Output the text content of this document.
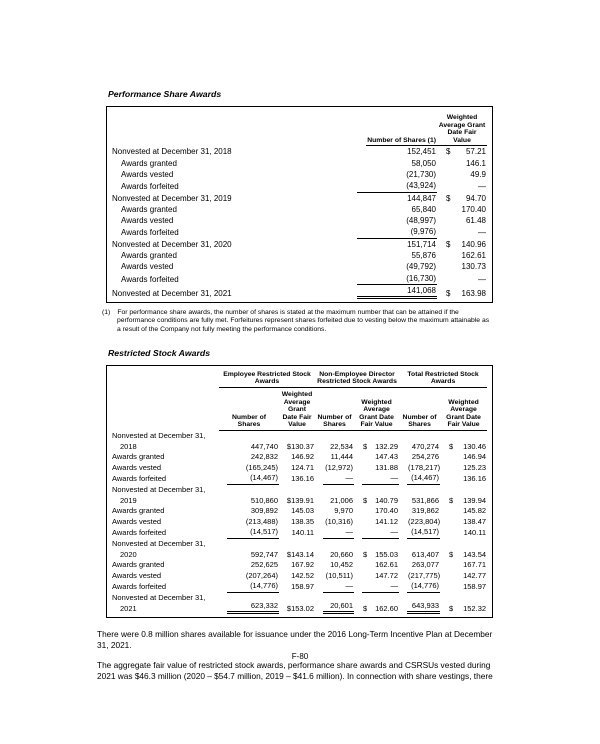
Performance Share Awards
	Number of Shares (1)	Weighted Average Grant Date Fair Value
Nonvested at December 31, 2018	152,451	$ 57.21

Awards granted	58,050	146.1

Awards vested	(21,730)	49.9

Awards forfeited	(43,924)	—

Nonvested at December 31, 2019	144,847	$ 94.70

Awards granted	65,840	170.40

Awards vested	(48,997)	61.48

Awards forfeited	(9,976)	—

Nonvested at December 31, 2020	151,714	$ 140.96

Awards granted	55,876	162.61

Awards vested	(49,792)	130.73

Awards forfeited	(16,730)	—

Nonvested at December 31, 2021	141,068	$ 163.98
(1) For performance share awards, the number of shares is stated at the maximum number that can be attained if the performance conditions are fully met. Forfeitures represent shares forfeited due to vesting below the maximum attainable as a result of the Company not fully meeting the performance conditions.
Restricted Stock Awards
	Employee Restricted Stock Awards		Non-Employee Director Restricted Stock Awards		Total Restricted Stock Awards	
	Number of Shares	Weighted Average Grant Date Fair Value	Number of Shares	Weighted Average Grant Date Fair Value	Number of Shares	Weighted Average Grant Date Fair Value
Nonvested at December 31, 2018	447,740	$ 130.37	22,534	$ 132.29	470,274	$ 130.46

Awards granted	242,832	146.92	11,444	147.43	254,276	146.94

Awards vested	(165,245)	124.71	(12,972)	131.88	(178,217)	125.23

Awards forfeited	(14,467)	136.16	—	—	(14,467)	136.16

Nonvested at December 31, 2019	510,860	$ 139.91	21,006	$ 140.79	531,866	$ 139.94

Awards granted	309,892	145.03	9,970	170.40	319,862	145.82

Awards vested	(213,488)	138.35	(10,316)	141.12	(223,804)	138.47

Awards forfeited	(14,517)	140.11	—	—	(14,517)	140.11

Nonvested at December 31, 2020	592,747	$ 143.14	20,660	$ 155.03	613,407	$ 143.54

Awards granted	252,625	167.92	10,452	162.61	263,077	167.71

Awards vested	(207,264)	142.52	(10,511)	147.72	(217,775)	142.77

Awards forfeited	(14,776)	158.97	—	—	(14,776)	158.97

Nonvested at December 31, 2021	623,332	$ 153.02	20,601	$ 162.60	643,933	$ 152.32

There were 0.8 million shares available for issuance under the 2016 Long-Term Incentive Plan at December 31, 2021.

The aggregate fair value of restricted stock awards, performance share awards and CSRSUs vested during 2021 was $46.3 million (2020 – $54.7 million, 2019 – $41.6 million). In connection with share vestings, there

F-80
